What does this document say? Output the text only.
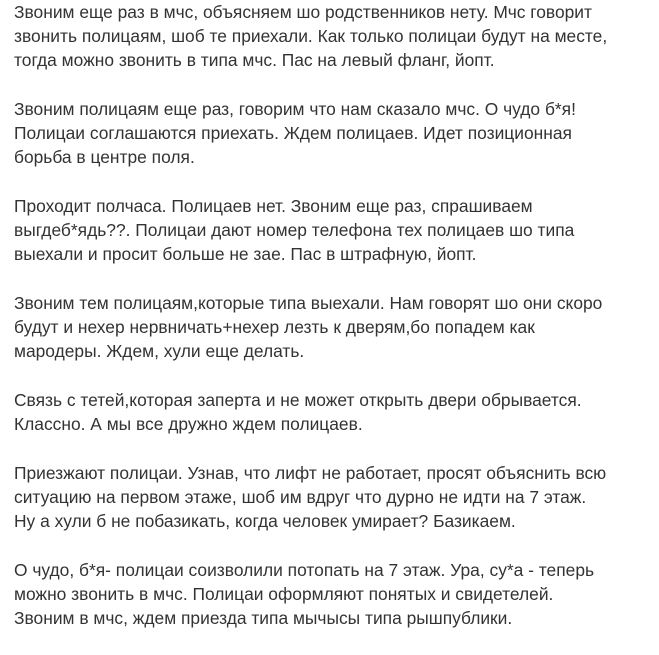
Звоним еще раз в мчс, объясняем шо родственников нету. Мчс говорит
звонить полицаям, шоб те приехали. Как только полицаи будут на месте,
тогда можно звонить в типа мчс. Пас на левый фланг, йопт.

Звоним полицаям еще раз, говорим что нам сказало мчс. О чудо б*я!
Полицаи соглашаются приехать. Ждем полицаев. Идет позиционная
борьба в центре поля.

Проходит полчаса. Полицаев нет. Звоним еще раз, спрашиваем
выгдеб*ядь??. Полицаи дают номер телефона тех полицаев шо типа
выехали и просит больше не зае. Пас в штрафную, йопт.

Звоним тем полицаям,которые типа выехали. Нам говорят шо они скоро
будут и нехер нервничать+нехер лезть к дверям,бо попадем как
мародеры. Ждем, хули еще делать.

Связь с тетей,которая заперта и не может открыть двери обрывается.
Классно. А мы все дружно ждем полицаев.

Приезжают полицаи. Узнав, что лифт не работает, просят объяснить всю
ситуацию на первом этаже, шоб им вдруг что дурно не идти на 7 этаж.
Ну а хули б не побазикать, когда человек умирает? Базикаем.

О чудо, б*я- полицаи соизволили потопать на 7 этаж. Ура, су*а - теперь
можно звонить в мчс. Полицаи оформляют понятых и свидетелей.
Звоним в мчс, ждем приезда типа мычысы типа рышпублики.
